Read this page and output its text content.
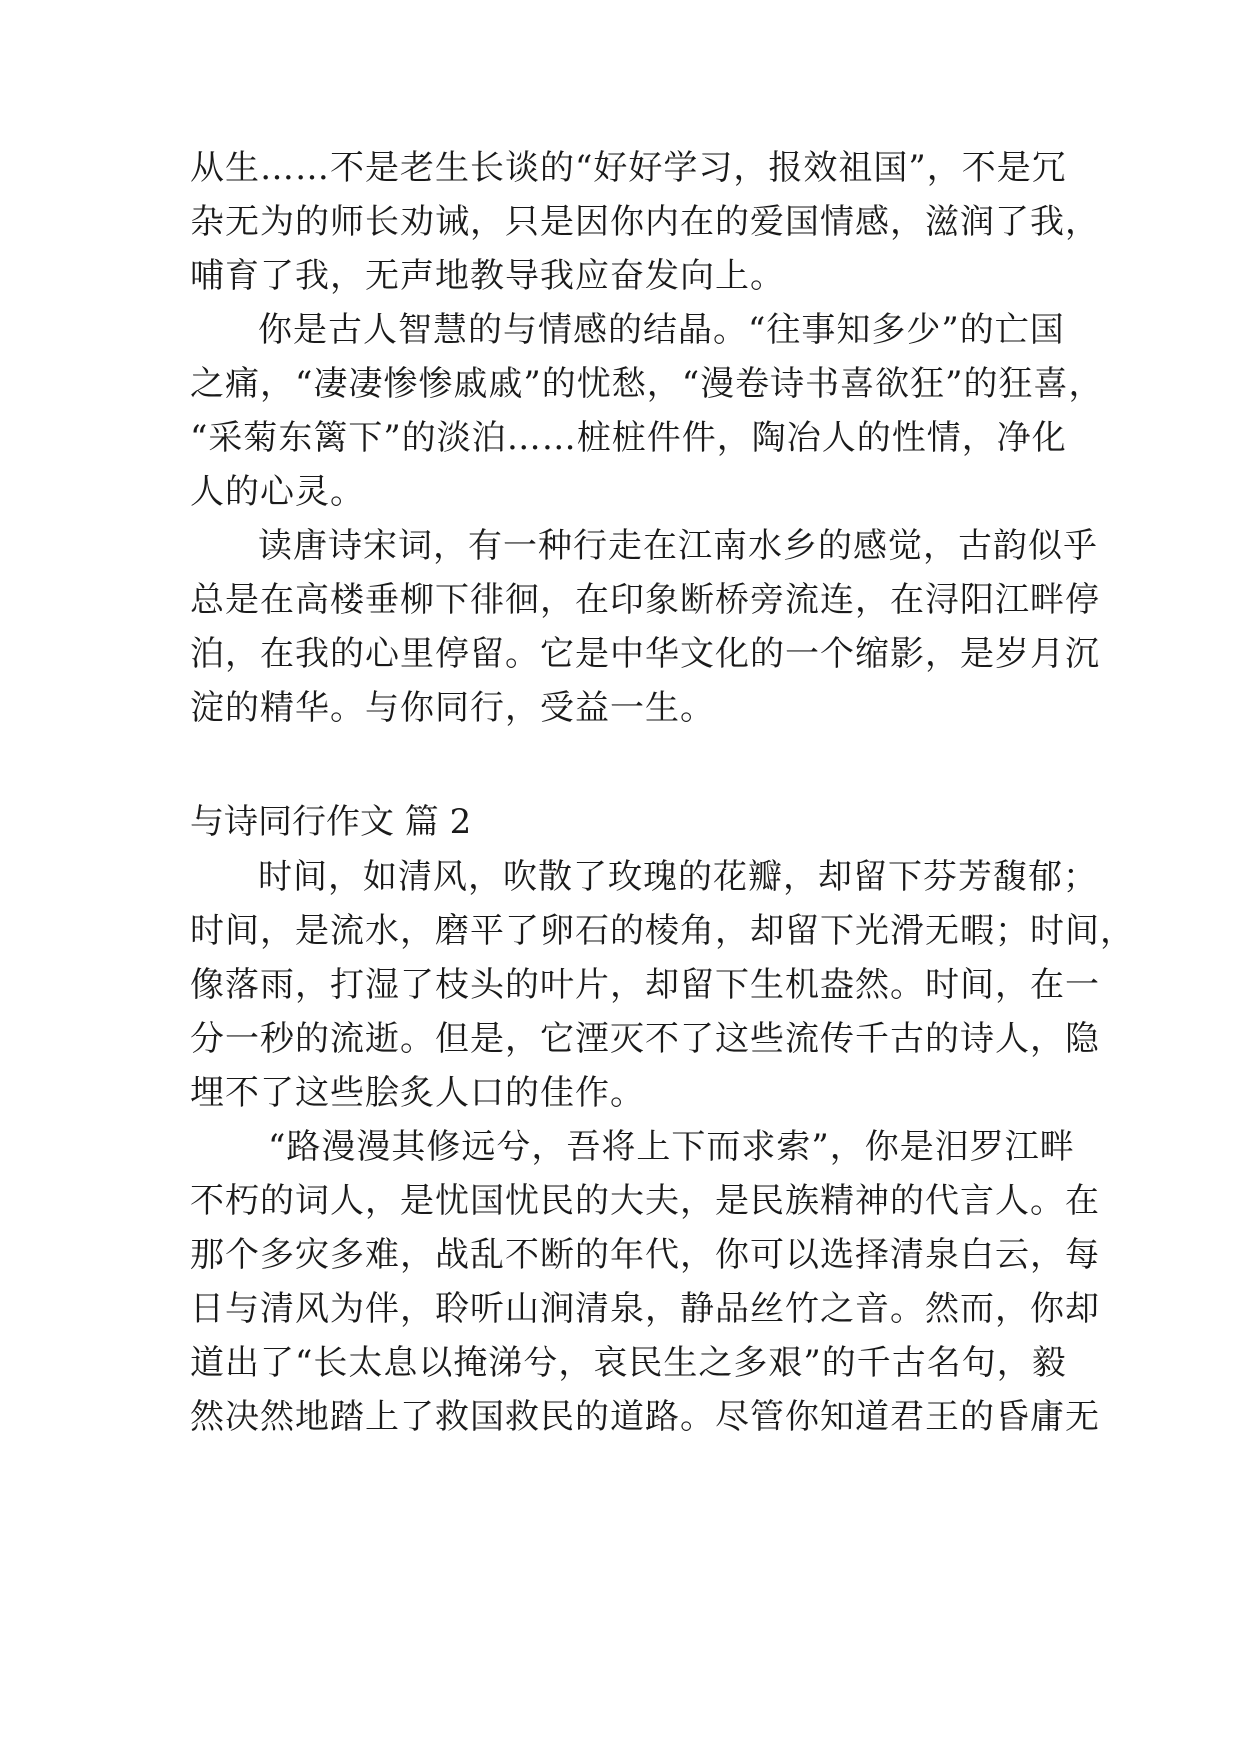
从生……不是老生长谈的“好好学习，报效祖国”，不是冗
杂无为的师长劝诫，只是因你内在的爱国情感，滋润了我，
哺育了我，无声地教导我应奋发向上。
你是古人智慧的与情感的结晶。“往事知多少”的亡国
之痛，“凄凄惨惨戚戚”的忧愁，“漫卷诗书喜欲狂”的狂喜，
“采菊东篱下”的淡泊……桩桩件件，陶冶人的性情，净化
人的心灵。
读唐诗宋词，有一种行走在江南水乡的感觉，古韵似乎
总是在高楼垂柳下徘徊，在印象断桥旁流连，在浔阳江畔停
泊，在我的心里停留。它是中华文化的一个缩影，是岁月沉
淀的精华。与你同行，受益一生。
与诗同行作文 篇 2
时间，如清风，吹散了玫瑰的花瓣，却留下芬芳馥郁；
时间，是流水，磨平了卵石的棱角，却留下光滑无暇；时间，
像落雨，打湿了枝头的叶片，却留下生机盎然。时间，在一
分一秒的流逝。但是，它湮灭不了这些流传千古的诗人，隐
埋不了这些脍炙人口的佳作。
“路漫漫其修远兮，吾将上下而求索”，你是汨罗江畔
不朽的词人，是忧国忧民的大夫，是民族精神的代言人。在
那个多灾多难，战乱不断的年代，你可以选择清泉白云，每
日与清风为伴，聆听山涧清泉，静品丝竹之音。然而，你却
道出了“长太息以掩涕兮，哀民生之多艰”的千古名句，毅
然决然地踏上了救国救民的道路。尽管你知道君王的昏庸无
